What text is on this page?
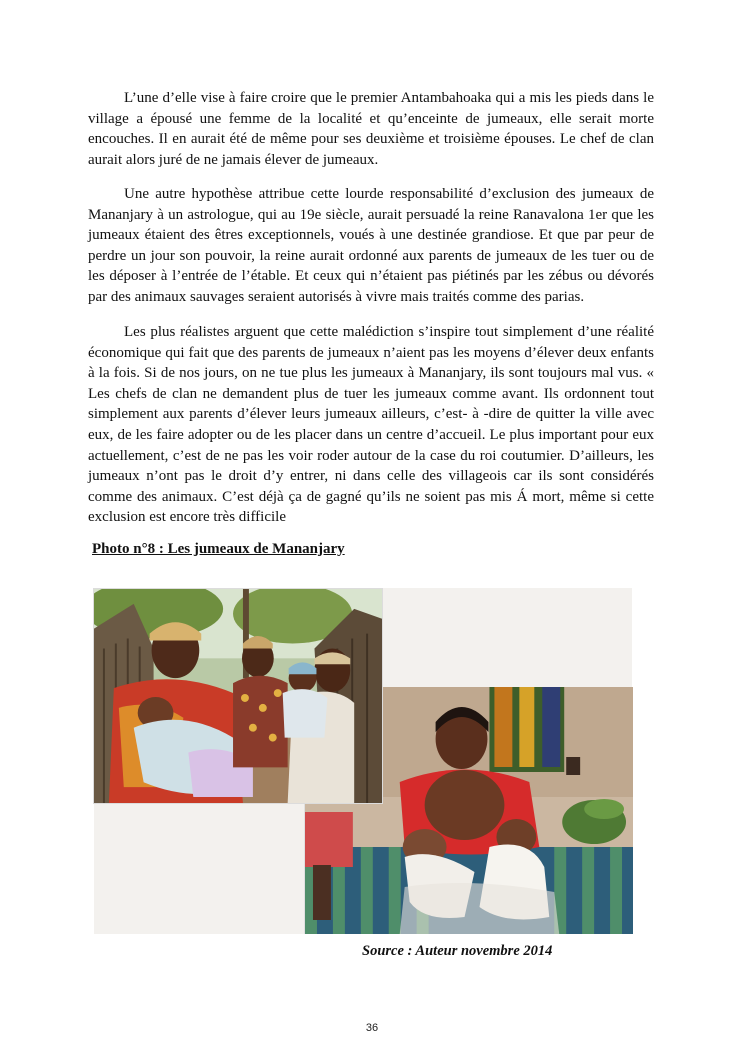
L’une d’elle vise à faire croire que le premier Antambahoaka qui a mis les pieds dans le village a épousé une femme de la localité et qu’enceinte de jumeaux, elle serait morte encouches. Il en aurait été de même pour ses deuxième et troisième épouses. Le chef de clan aurait alors juré de ne jamais élever de jumeaux.

Une autre hypothèse attribue cette lourde responsabilité d’exclusion des jumeaux de Mananjary à un astrologue, qui au 19e siècle, aurait persuadé la reine Ranavalona 1er que les jumeaux étaient des êtres exceptionnels, voués à une destinée grandiose. Et que par peur de perdre un jour son pouvoir, la reine aurait ordonné aux parents de jumeaux de les tuer ou de les déposer à l’entrée de l’étable. Et ceux qui n’étaient pas piétinés par les zébus ou dévorés par des animaux sauvages seraient autorisés à vivre mais traités comme des parias.

Les plus réalistes arguent que cette malédiction s’inspire tout simplement d’une réalité économique qui fait que des parents de jumeaux n’aient pas les moyens d’élever deux enfants à la fois. Si de nos jours, on ne tue plus les jumeaux à Mananjary, ils sont toujours mal vus. « Les chefs de clan ne demandent plus de tuer les jumeaux comme avant. Ils ordonnent tout simplement aux parents d’élever leurs jumeaux ailleurs, c’est- à -dire de quitter la ville avec eux, de les faire adopter ou de les placer dans un centre d’accueil. Le plus important pour eux actuellement, c’est de ne pas les voir roder autour de la case du roi coutumier. D’ailleurs, les jumeaux n’ont pas le droit d’y entrer, ni dans celle des villageois car ils sont considérés comme des animaux. C’est déjà ça de gagné qu’ils ne soient pas mis Á mort, même si cette exclusion est encore très difficile

Photo n°8 : Les jumeaux de Mananjary
Source : Auteur novembre 2014
36
